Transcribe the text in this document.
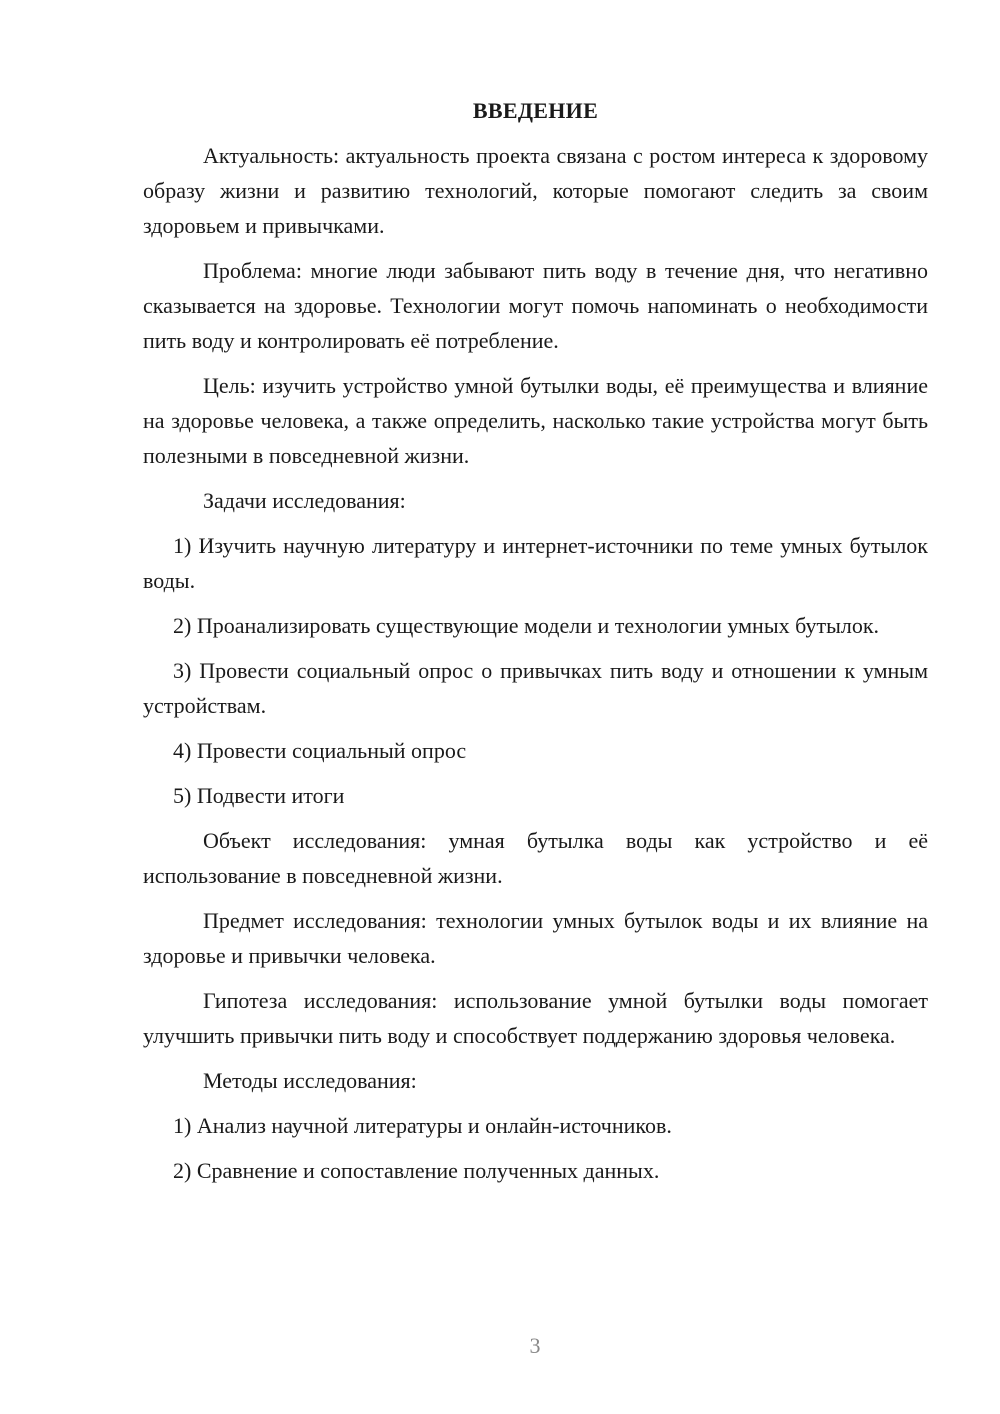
ВВЕДЕНИЕ

Актуальность: актуальность проекта связана с ростом интереса к здоровому образу жизни и развитию технологий, которые помогают следить за своим здоровьем и привычками.

Проблема: многие люди забывают пить воду в течение дня, что негативно сказывается на здоровье. Технологии могут помочь напоминать о необходимости пить воду и контролировать её потребление.

Цель: изучить устройство умной бутылки воды, её преимущества и влияние на здоровье человека, а также определить, насколько такие устройства могут быть полезными в повседневной жизни.

Задачи исследования:

1) Изучить научную литературу и интернет-источники по теме умных бутылок воды.

2) Проанализировать существующие модели и технологии умных бутылок.

3) Провести социальный опрос о привычках пить воду и отношении к умным устройствам.

4) Провести социальный опрос

5) Подвести итоги

Объект исследования: умная бутылка воды как устройство и её использование в повседневной жизни.

Предмет исследования: технологии умных бутылок воды и их влияние на здоровье и привычки человека.

Гипотеза исследования: использование умной бутылки воды помогает улучшить привычки пить воду и способствует поддержанию здоровья человека.

Методы исследования:

1) Анализ научной литературы и онлайн-источников.

2) Сравнение и сопоставление полученных данных.

3
